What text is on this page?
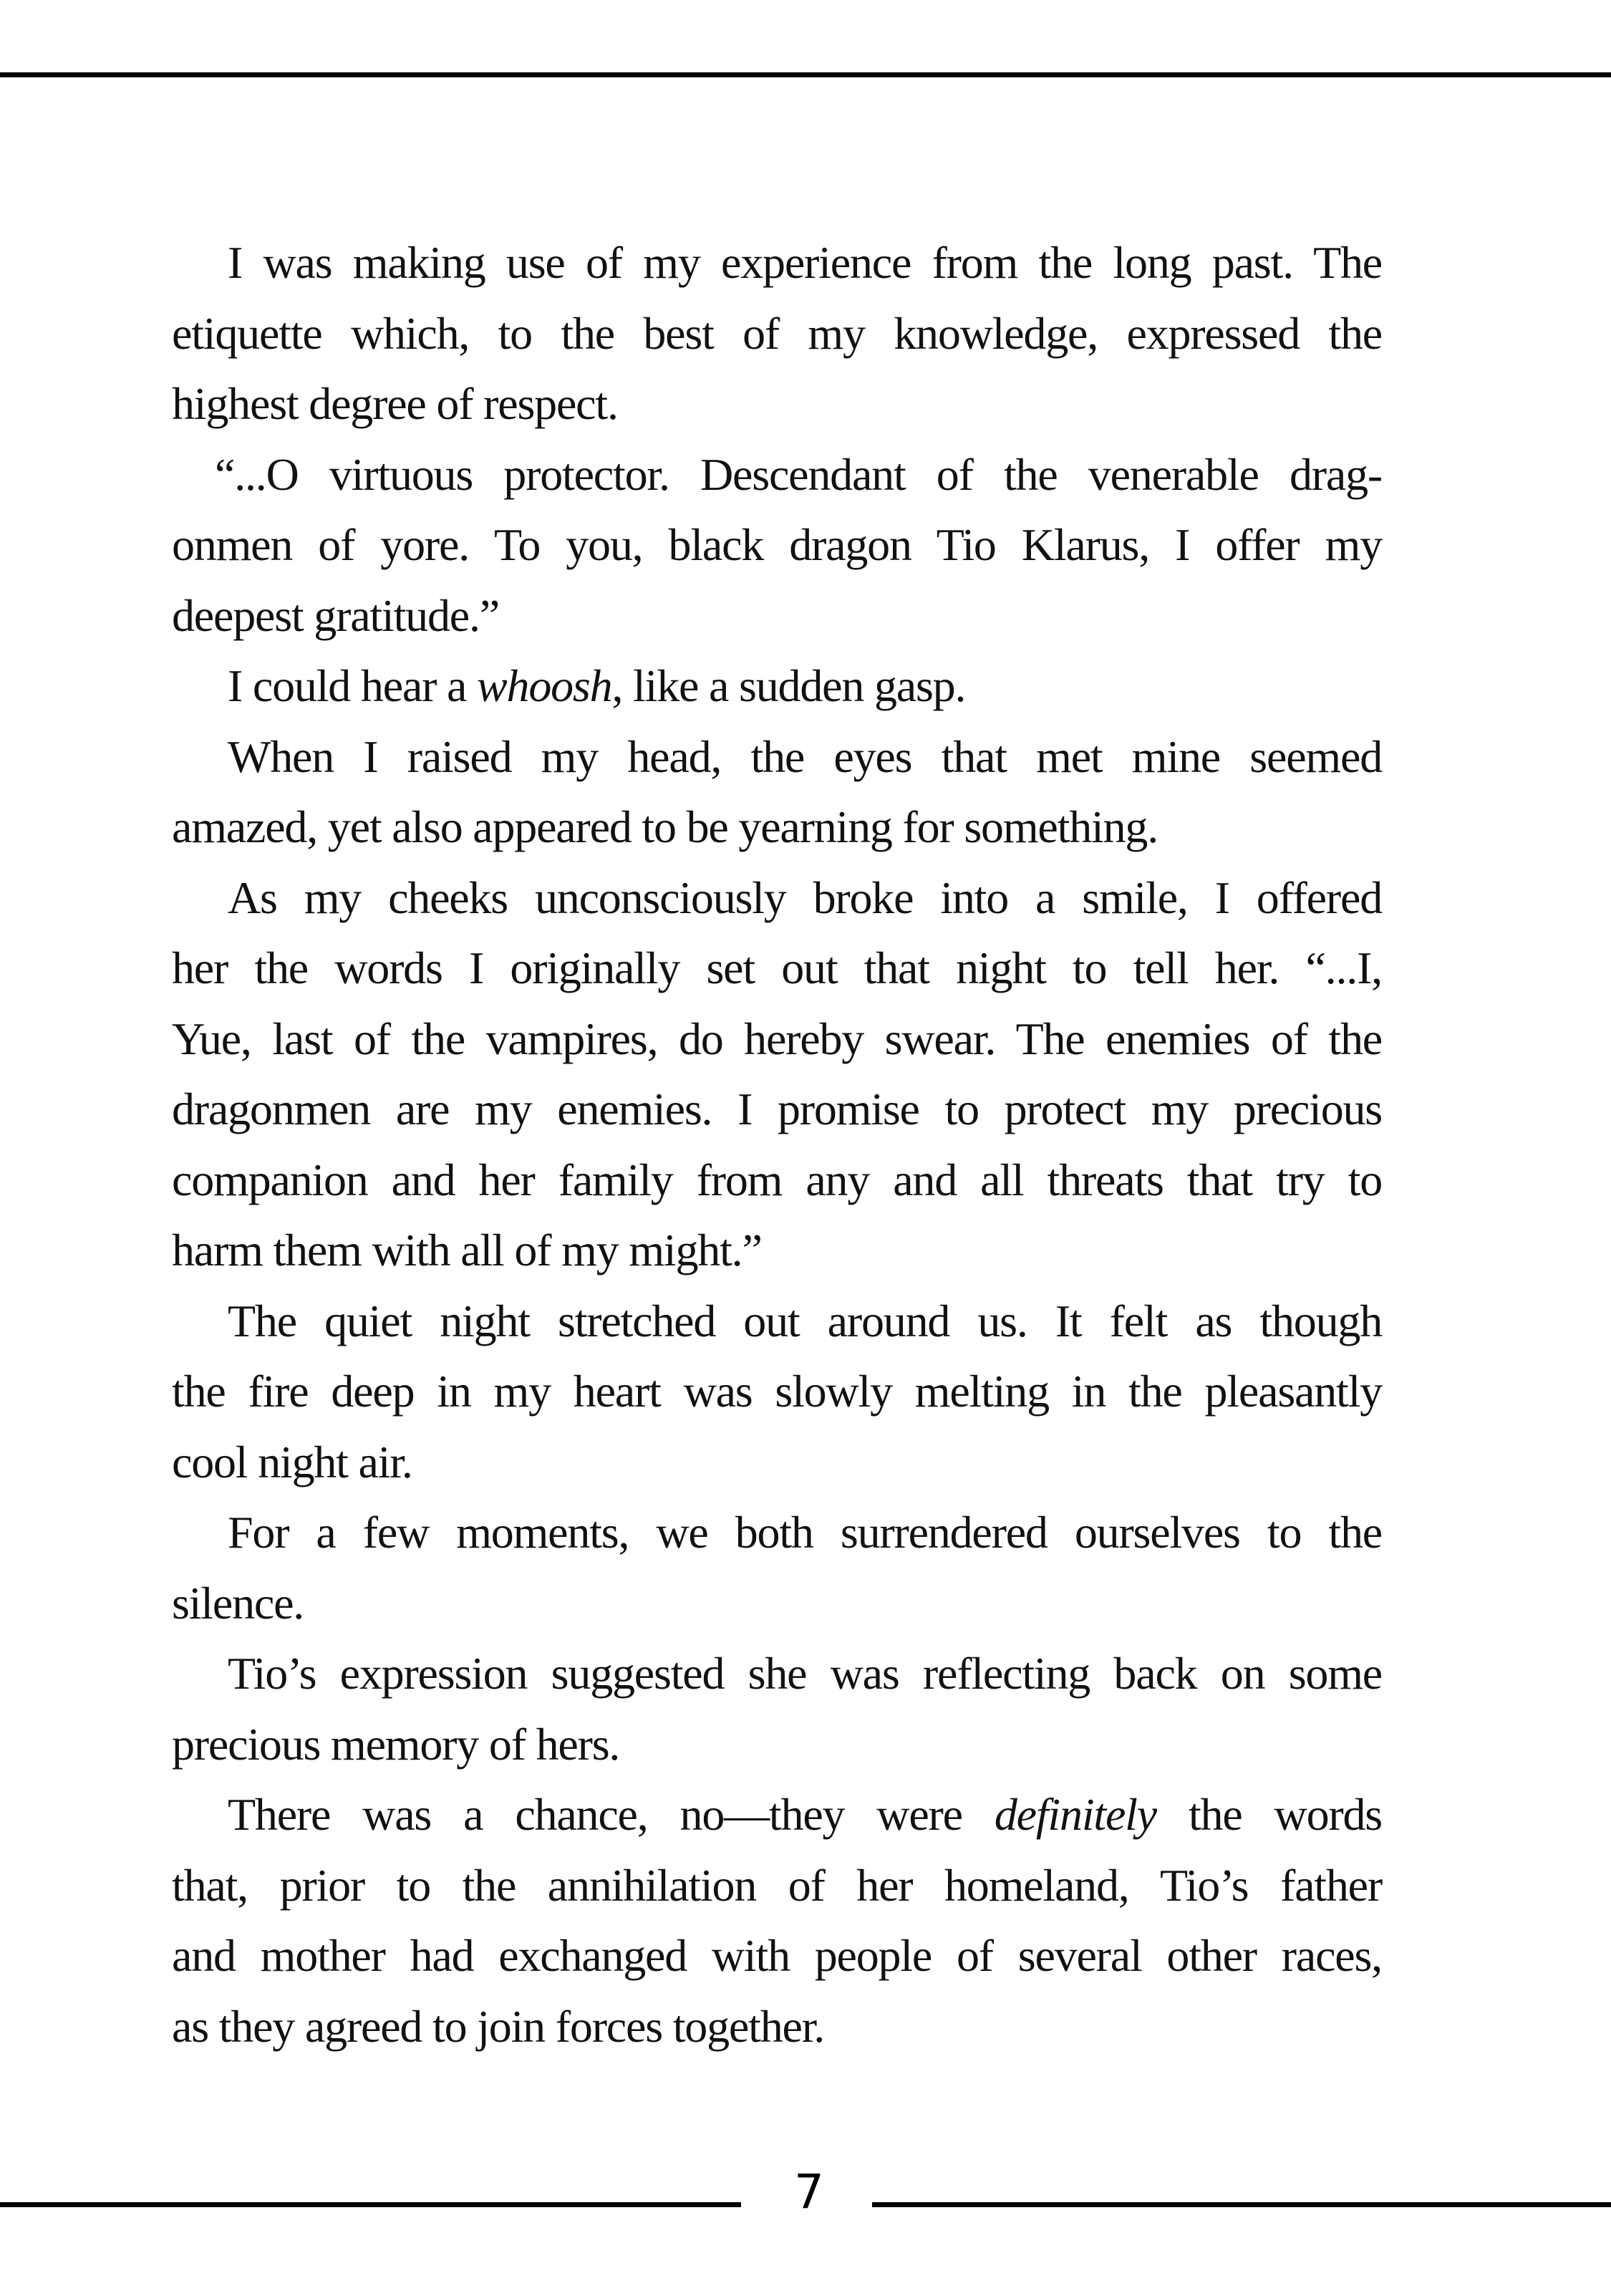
I was making use of my experience from the long past. The
etiquette which, to the best of my knowledge, expressed the
highest degree of respect.
“...O virtuous protector. Descendant of the venerable drag-
onmen of yore. To you, black dragon Tio Klarus, I offer my
deepest gratitude.”
I could hear a whoosh, like a sudden gasp.
When I raised my head, the eyes that met mine seemed
amazed, yet also appeared to be yearning for something.
As my cheeks unconsciously broke into a smile, I offered
her the words I originally set out that night to tell her. “...I,
Yue, last of the vampires, do hereby swear. The enemies of the
dragonmen are my enemies. I promise to protect my precious
companion and her family from any and all threats that try to
harm them with all of my might.”
The quiet night stretched out around us. It felt as though
the fire deep in my heart was slowly melting in the pleasantly
cool night air.
For a few moments, we both surrendered ourselves to the
silence.
Tio’s expression suggested she was reflecting back on some
precious memory of hers.
There was a chance, no—they were definitely the words
that, prior to the annihilation of her homeland, Tio’s father
and mother had exchanged with people of several other races,
as they agreed to join forces together.
7
